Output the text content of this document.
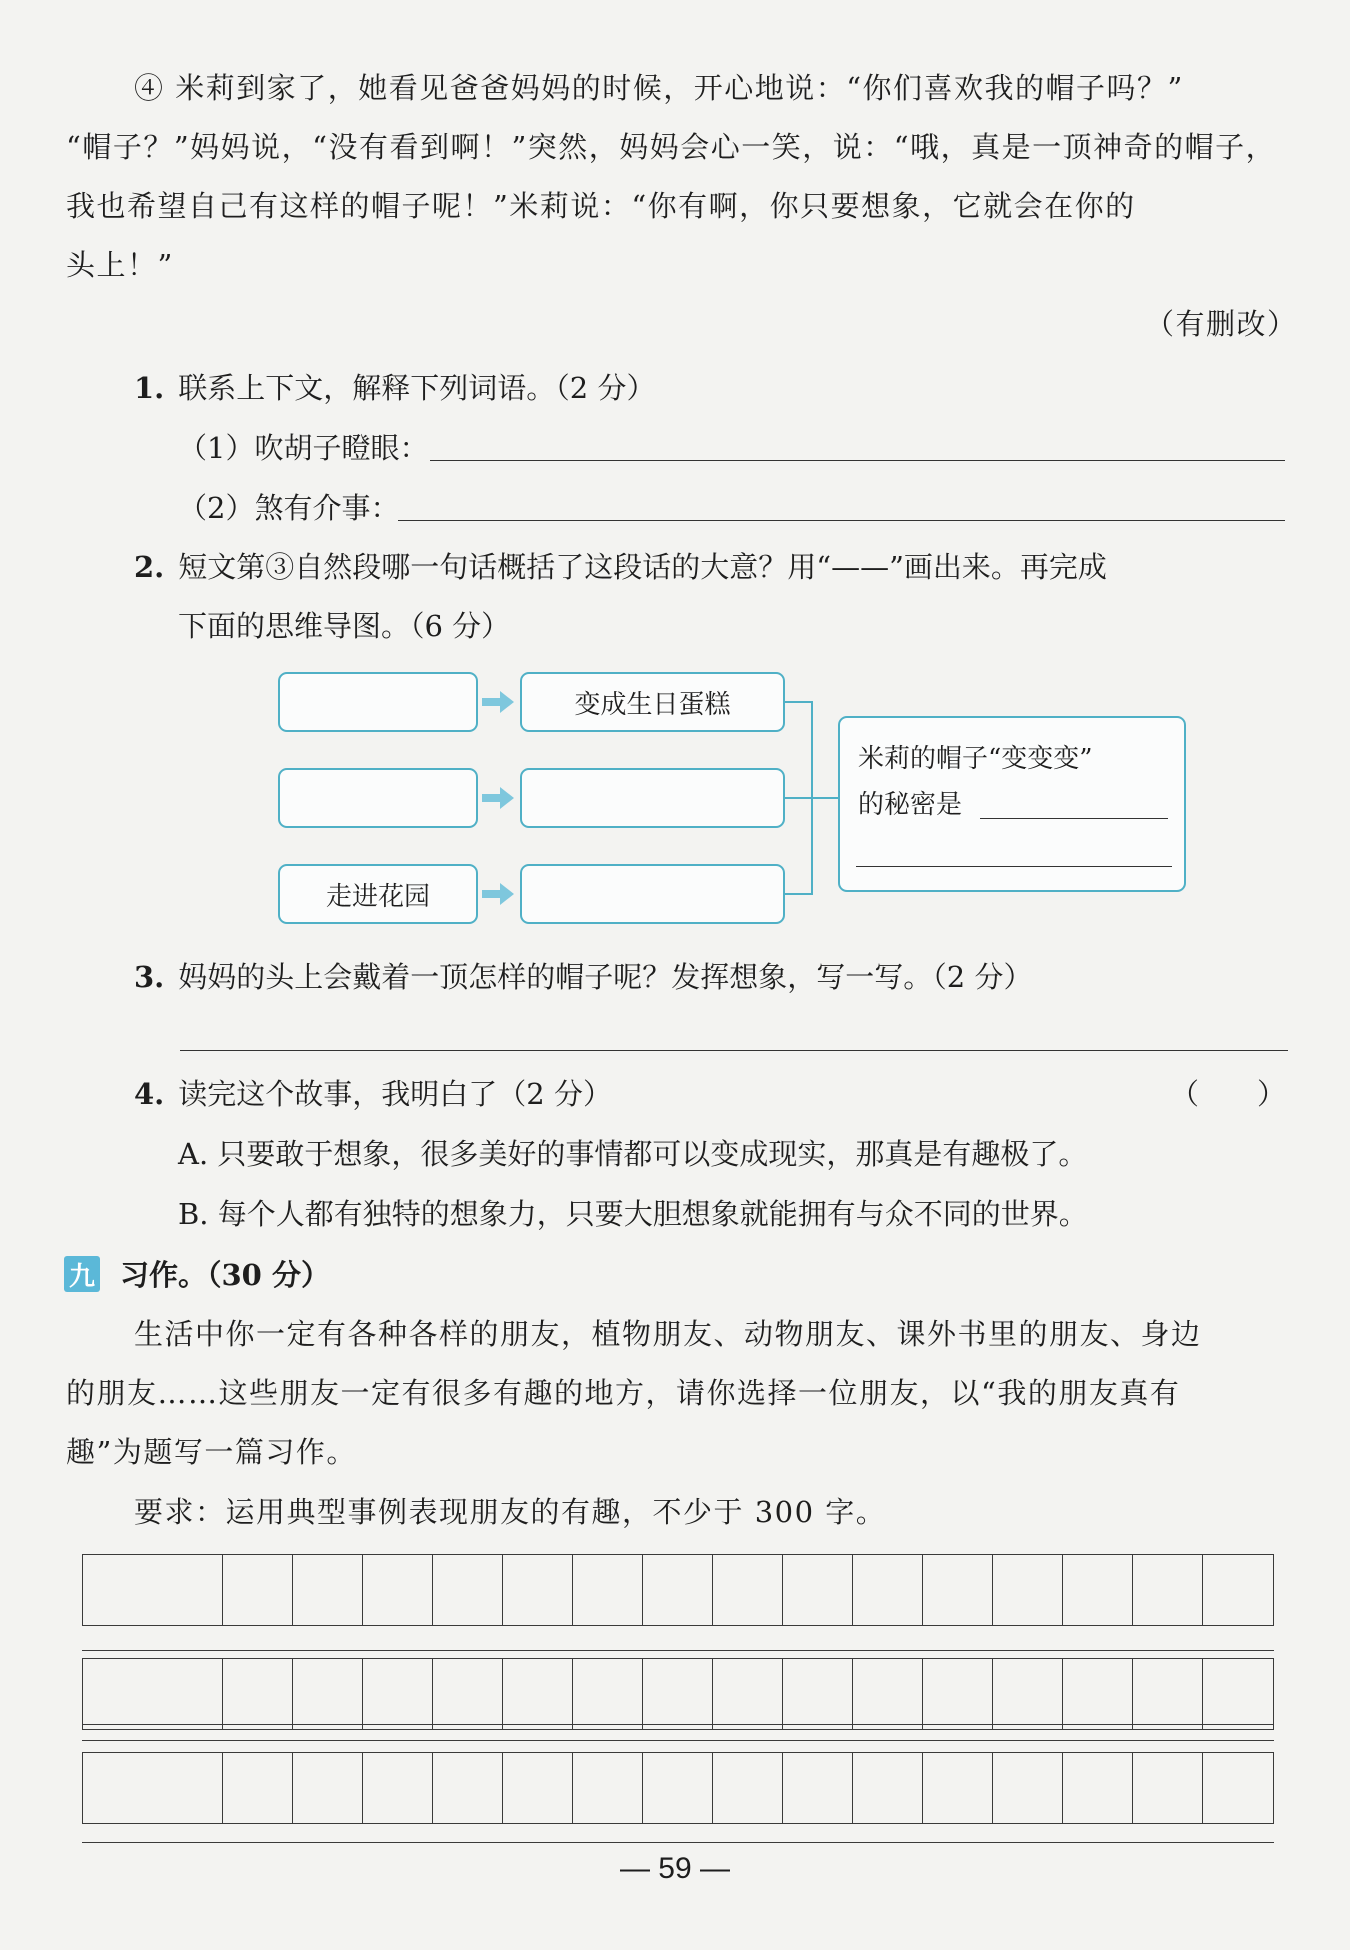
④ 米莉到家了，她看见爸爸妈妈的时候，开心地说：“你们喜欢我的帽子吗？”
“帽子？”妈妈说，“没有看到啊！”突然，妈妈会心一笑，说：“哦，真是一顶神奇的帽子，
我也希望自己有这样的帽子呢！”米莉说：“你有啊，你只要想象，它就会在你的
头上！”
（有删改）
1. 联系上下文，解释下列词语。（2 分）
（1）吹胡子瞪眼：
（2）煞有介事：
2. 短文第③自然段哪一句话概括了这段话的大意？用“——”画出来。再完成
下面的思维导图。（6 分）
变成生日蛋糕
走进花园
米莉的帽子“变变变”
的秘密是
3. 妈妈的头上会戴着一顶怎样的帽子呢？发挥想象，写一写。（2 分）
4. 读完这个故事，我明白了（2 分）	（　　）
A. 只要敢于想象，很多美好的事情都可以变成现实，那真是有趣极了。
B. 每个人都有独特的想象力，只要大胆想象就能拥有与众不同的世界。
九 习作。（30 分）
生活中你一定有各种各样的朋友，植物朋友、动物朋友、课外书里的朋友、身边
的朋友……这些朋友一定有很多有趣的地方，请你选择一位朋友，以“我的朋友真有
趣”为题写一篇习作。
要求：运用典型事例表现朋友的有趣，不少于 300 字。
— 59 —
